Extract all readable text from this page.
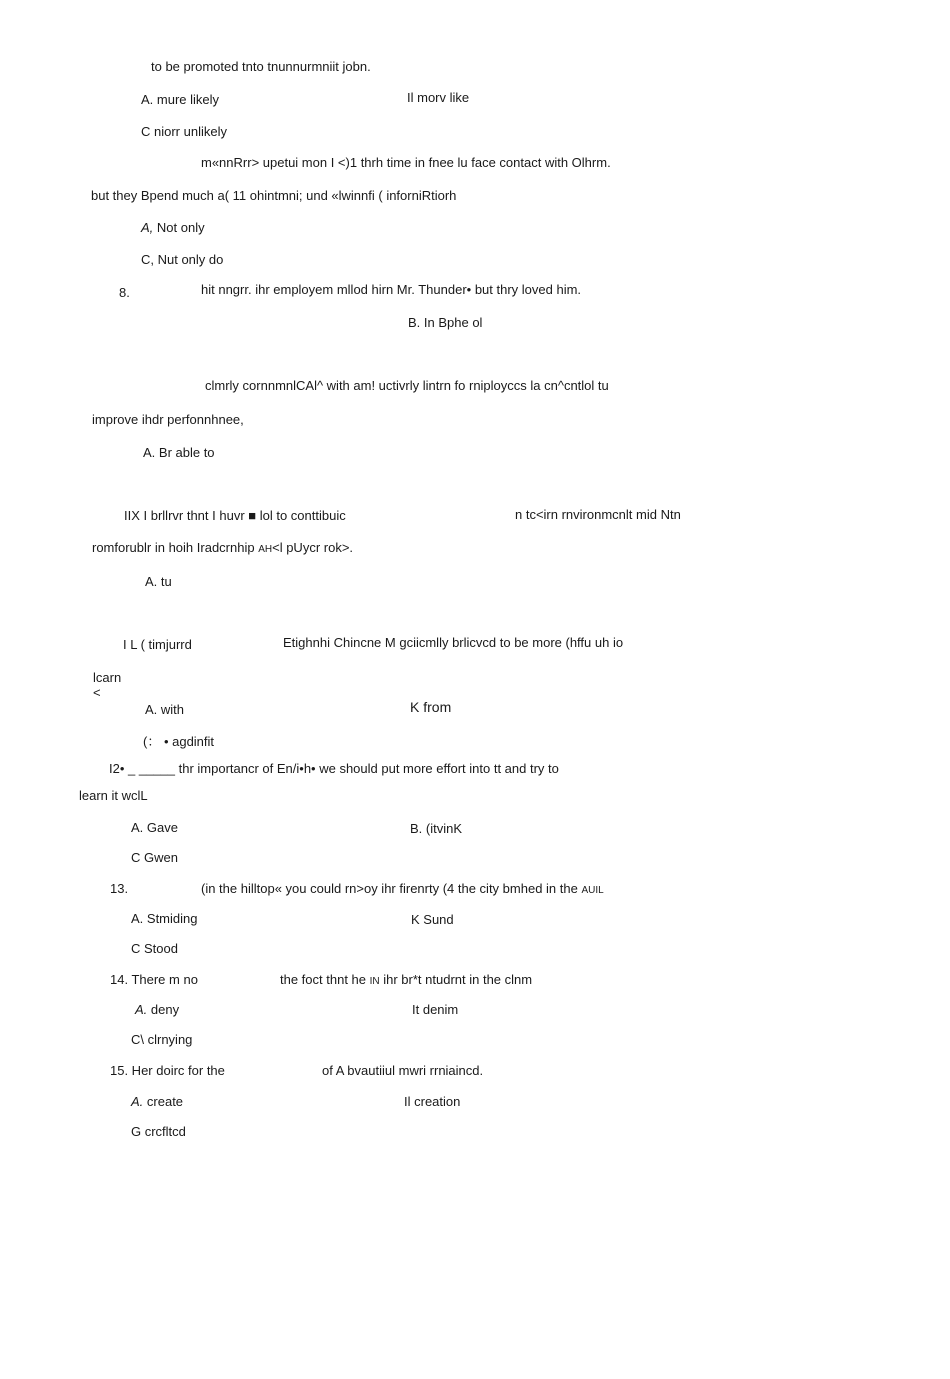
to be promoted tnto tnunnurmniit jobn.
A. mure likely	Il morv like
C niorr unlikely
m«nnRrr> upetui mon I <)1 thrh time in fnee lu face contact with Olhrm.
but they Bpend much a( 11 ohintmni; und «lwinnfi ( inforniRtiorh
A, Not only
C, Nut only do
8.	hit nngrr. ihr employem mllod hirn Mr. Thunder• but thry loved him.
B. In Bphe ol
clmrly cornnmnlCAl^ with am! uctivrly lintrn fo rniployccs la cn^cntlol tu
improve ihdr perfonnhnee,
A. Br able to
IIX I brllrvr thnt I huvr ■ lol to conttibuic	n tc<irn rnvironmcnlt mid Ntn
romforublr in hoih Iradcrnhip AH<l pUycr rok>.
A. tu
I L ( timjurrd	Etighnhi Chincne M gciicmlly brlicvcd to be more (hffu uh io
lcarn
<
A. with	K from
(： • agdinfit
I2• _ _____ thr importancr of En/i•h• we should put more effort into tt and try to
learn it wclL
A. Gave	B. (itvinK
C Gwen
13.	(in the hilltop« you could rn>oy ihr firenrty (4 the city bmhed in the AUIL
A. Stmiding	K Sund
C Stood
14. There m no	the foct thnt he IN ihr br*t ntudrnt in the clnm
A. deny	It denim
C\ clrnying
15. Her doirc for the	of A bvautiiul mwri rrniaincd.
A. create	Il creation
G crcfltcd
